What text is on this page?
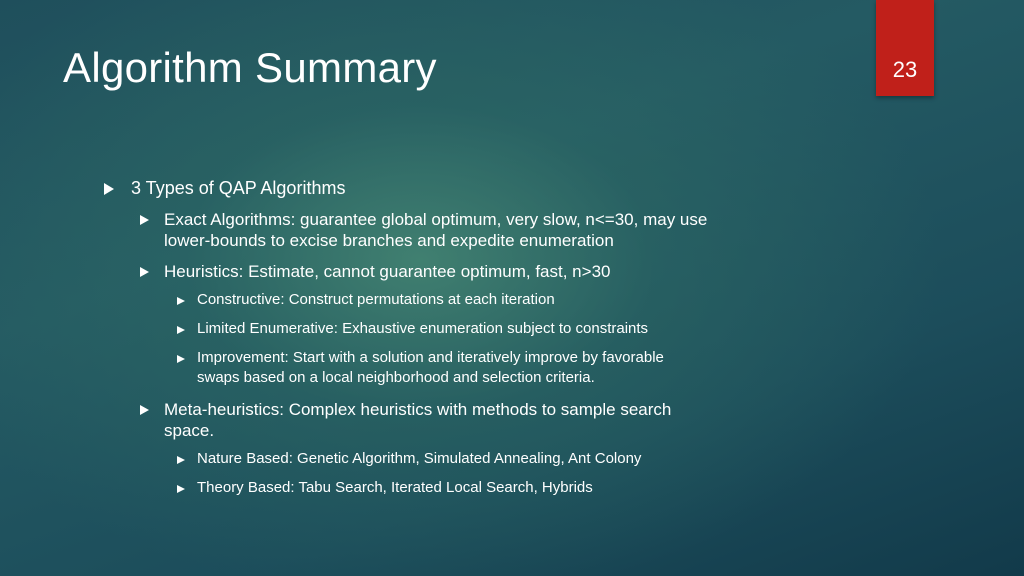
Algorithm Summary	23
3 Types of QAP Algorithms
Exact Algorithms: guarantee global optimum, very slow, n<=30, may use
lower-bounds to excise branches and expedite enumeration
Heuristics: Estimate, cannot guarantee optimum, fast, n>30
Constructive: Construct permutations at each iteration
Limited Enumerative: Exhaustive enumeration subject to constraints
Improvement: Start with a solution and iteratively improve by favorable
swaps based on a local neighborhood and selection criteria.
Meta-heuristics: Complex heuristics with methods to sample search
space.
Nature Based: Genetic Algorithm, Simulated Annealing, Ant Colony
Theory Based: Tabu Search, Iterated Local Search, Hybrids
